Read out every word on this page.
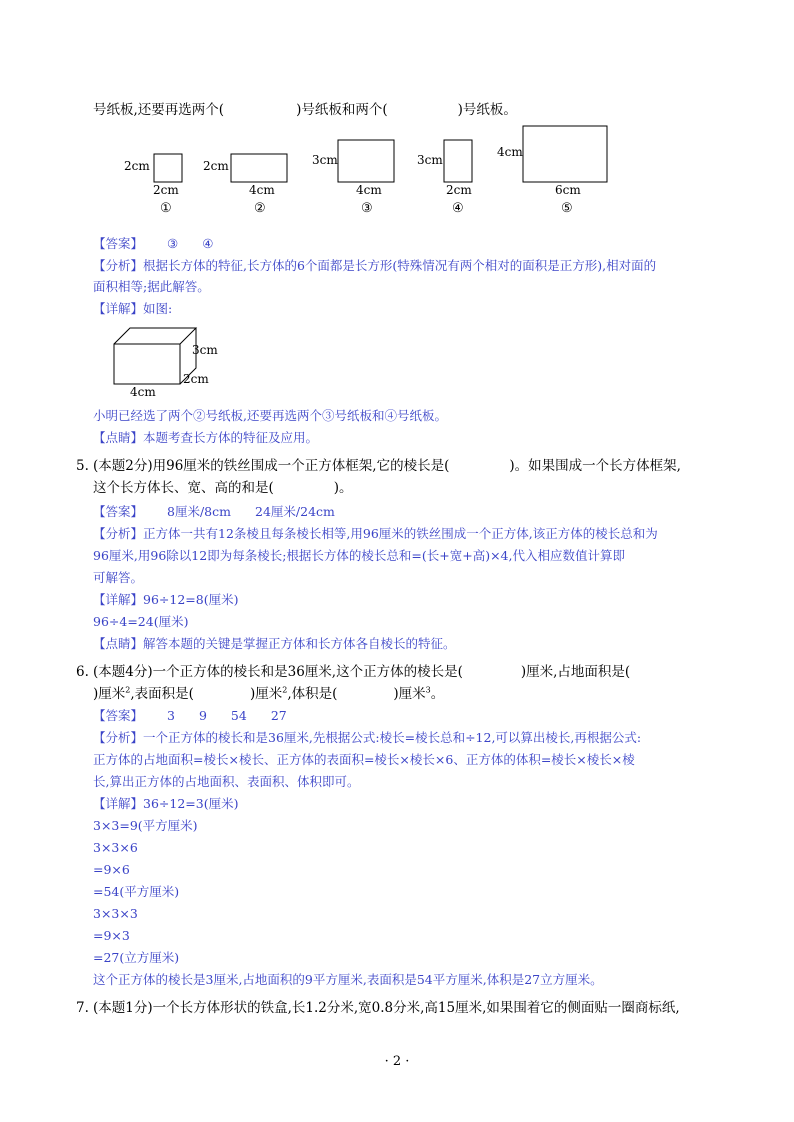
号纸板,还要再选两个(	)号纸板和两个(	)号纸板。
2cm
2cm
①
2cm
4cm
②
3cm
4cm
③
3cm
2cm
④
4cm
6cm
⑤
【答案】 ③ ④
【分析】根据长方体的特征,长方体的6个面都是长方形(特殊情况有两个相对的面积是正方形),相对面的
面积相等;据此解答。
【详解】如图:
3cm
2cm
4cm
小明已经选了两个②号纸板,还要再选两个③号纸板和④号纸板。
【点睛】本题考查长方体的特征及应用。
5. (本题2分)用96厘米的铁丝围成一个正方体框架,它的棱长是(	)。如果围成一个长方体框架,
这个长方体长、宽、高的和是(	)。
【答案】 8厘米/8cm 24厘米/24cm
【分析】正方体一共有12条棱且每条棱长相等,用96厘米的铁丝围成一个正方体,该正方体的棱长总和为
96厘米,用96除以12即为每条棱长;根据长方体的棱长总和=(长+宽+高)×4,代入相应数值计算即
可解答。
【详解】96÷12=8(厘米)
96÷4=24(厘米)
【点睛】解答本题的关键是掌握正方体和长方体各自棱长的特征。
6. (本题4分)一个正方体的棱长和是36厘米,这个正方体的棱长是(	)厘米,占地面积是(
)厘米$^2$,表面积是(	)厘米$^2$,体积是(	)厘米$^3$。
【答案】 3 9 54 27
【分析】一个正方体的棱长和是36厘米,先根据公式:棱长=棱长总和÷12,可以算出棱长,再根据公式:
正方体的占地面积=棱长×棱长、正方体的表面积=棱长×棱长×6、正方体的体积=棱长×棱长×棱
长,算出正方体的占地面积、表面积、体积即可。
【详解】36÷12=3(厘米)
3×3=9(平方厘米)
3×3×6
=9×6
=54(平方厘米)
3×3×3
=9×3
=27(立方厘米)
这个正方体的棱长是3厘米,占地面积的9平方厘米,表面积是54平方厘米,体积是27立方厘米。
7. (本题1分)一个长方体形状的铁盒,长1.2分米,宽0.8分米,高15厘米,如果围着它的侧面贴一圈商标纸,
· 2 ·
